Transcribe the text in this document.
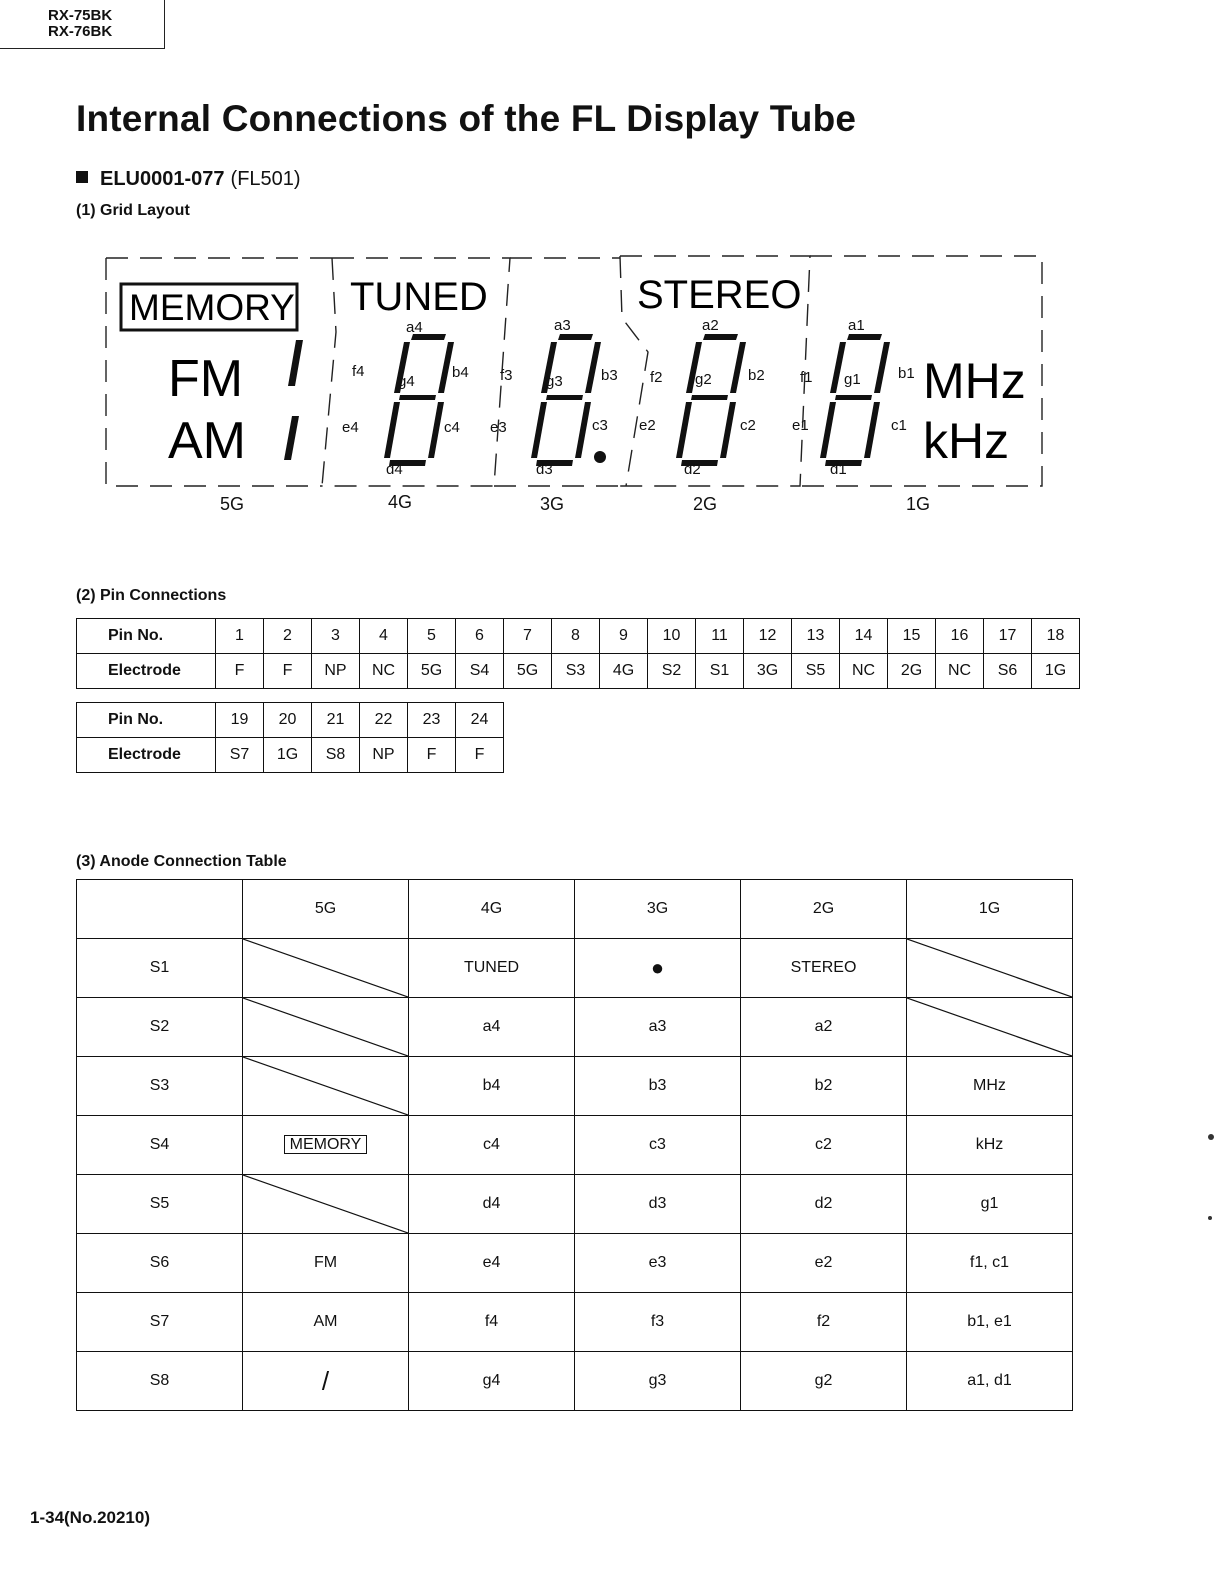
RX-75BK
RX-76BK
Internal Connections of the FL Display Tube
ELU0001-077 (FL501)
(1) Grid Layout
MEMORY TUNED	STEREO
FM
AM
MHz
kHz
a4	a3	a2	a1
f4	f3	f2	f1
g4	g3	g2	g1
b4	b3	b2	b1
e4	e3	e2	e1
c4	c3	c2	c1
d4	d3	d2	d1
5G	4G	3G	2G	1G
(2) Pin Connections
Pin No.	1	2	3	4	5	6	7	8	9	10	11	12	13	14	15	16	17	18
Electrode	F	F	NP	NC	5G	S4	5G	S3	4G	S2	S1	3G	S5	NC	2G	NC	S6	1G
Pin No.	19	20	21	22	23	24
Electrode	S7	1G	S8	NP	F	F
(3) Anode Connection Table
	5G	4G	3G	2G	1G
S1		TUNED	●	STEREO	

S2		a4	a3	a2	

S3		b4	b3	b2	MHz
S4	MEMORY	c4	c3	c2	kHz
S5		d4	d3	d2	g1
S6	FM	e4	e3	e2	f1, c1
S7	AM	f4	f3	f2	b1, e1
S8	/	g4	g3	g2	a1, d1
1-34(No.20210)
